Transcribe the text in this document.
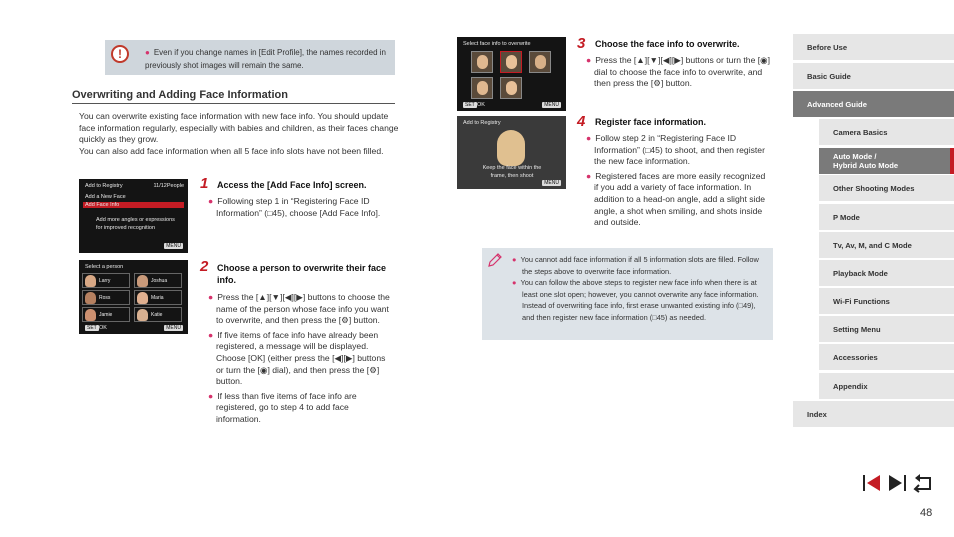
!	● Even if you change names in [Edit Profile], the names recorded in previously shot images will remain the same.
Overwriting and Adding Face Information
You can overwrite existing face information with new face info. You should update face information regularly, especially with babies and children, as their faces change quickly as they grow.
You can also add face information when all 5 face info slots have not been filled.
Add to Registry	11/12People
Add a New Face
Add Face Info
Add more angles or expressions for improved recognition
MENU
Select a person
Larry	Joshua
Ross	Maria
Jamie	Katie
SET OK	MENU
1 Access the [Add Face Info] screen.

● Following step 1 in “Registering Face ID Information” (□45), choose [Add Face Info].

2 Choose a person to overwrite their face info.

● Press the [▲][▼][◀][▶] buttons to choose the name of the person whose face info you want to overwrite, and then press the [⚙] button.

● If five items of face info have already been registered, a message will be displayed. Choose [OK] (either press the [◀][▶] buttons or turn the [◉] dial), and then press the [⚙] button.

● If less than five items of face info are registered, go to step 4 to add face information.

Select face info to overwrite
SET OK	MENU
Add to Registry
Keep the face within the frame, then shoot
MENU
3 Choose the face info to overwrite.

● Press the [▲][▼][◀][▶] buttons or turn the [◉] dial to choose the face info to overwrite, and then press the [⚙] button.

4 Register face information.

● Follow step 2 in “Registering Face ID Information” (□45) to shoot, and then register the new face information.

● Registered faces are more easily recognized if you add a variety of face information. In addition to a head-on angle, add a slight side angle, a shot when smiling, and shots inside and outside.

● You cannot add face information if all 5 information slots are filled. Follow the steps above to overwrite face information.

● You can follow the above steps to register new face info when there is at least one slot open; however, you cannot overwrite any face information. Instead of overwriting face info, first erase unwanted existing info (□49), and then register new face information (□45) as needed.

Before Use
Basic Guide
Advanced Guide
Camera Basics
Auto Mode /
Hybrid Auto Mode
Other Shooting Modes
P Mode
Tv, Av, M, and C Mode
Playback Mode
Wi-Fi Functions
Setting Menu
Accessories
Appendix
Index
48
